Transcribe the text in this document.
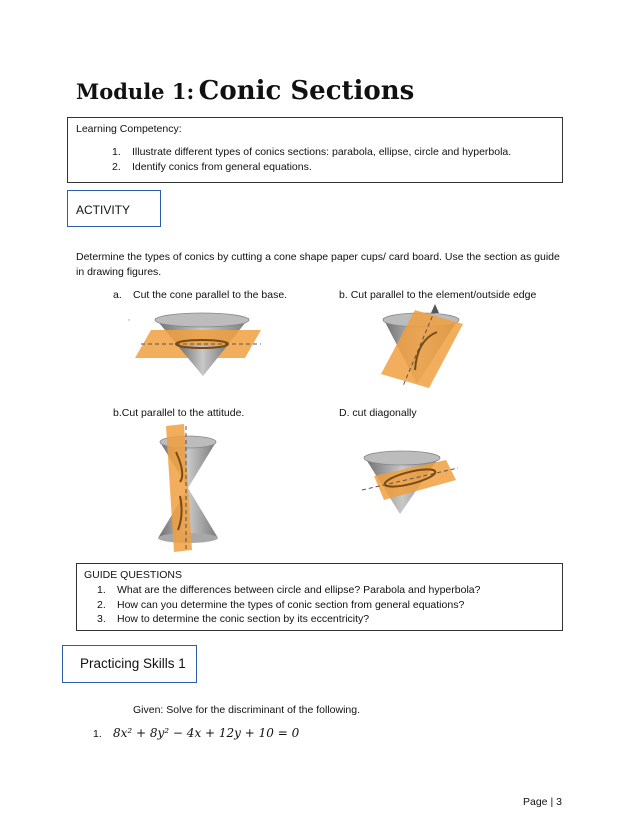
Module 1: Conic Sections
Learning Competency:
1. Illustrate different types of conics sections: parabola, ellipse, circle and hyperbola.
2. Identify conics from general equations.
ACTIVITY
Determine the types of conics by cutting a cone shape paper cups/ card board. Use the section as guide
in drawing figures.
a. Cut the cone parallel to the base.	b. Cut parallel to the element/outside edge
b.Cut parallel to the attitude.	D. cut diagonally
,
GUIDE QUESTIONS
1. What are the differences between circle and ellipse? Parabola and hyperbola?
2. How can you determine the types of conic section from general equations?
3. How to determine the conic section by its eccentricity?
Practicing Skills 1
Given: Solve for the discriminant of the following.
1. 8x² + 8y² − 4x + 12y + 10 = 0
Page | 3
